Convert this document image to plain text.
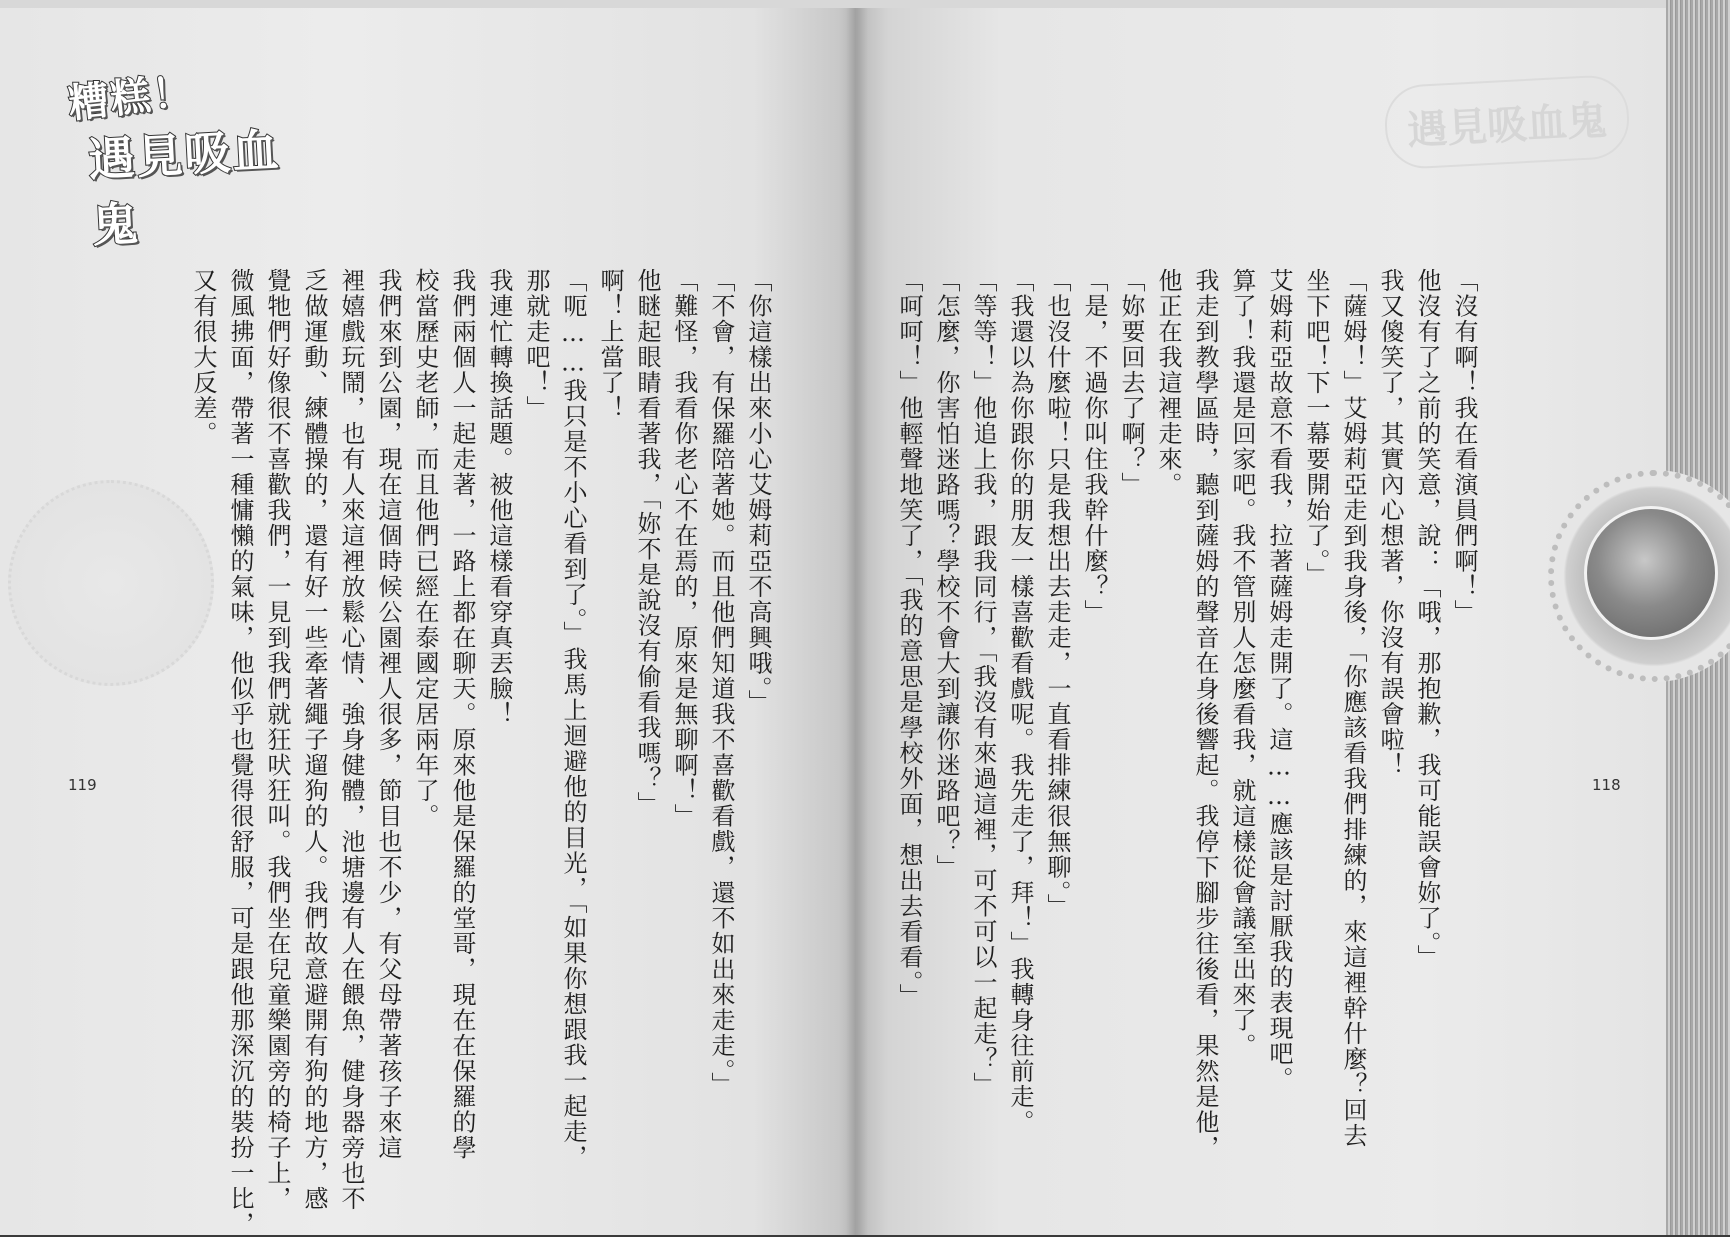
糟糕！
遇見吸血鬼
遇見吸血鬼
「沒有啊！我在看演員們啊！」
他沒有了之前的笑意，說：「哦，那抱歉，我可能誤會妳了。」
我又傻笑了，其實內心想著，你沒有誤會啦！
「薩姆！」艾姆莉亞走到我身後，「你應該看我們排練的，來這裡幹什麼？回去
坐下吧！下一幕要開始了。」
艾姆莉亞故意不看我，拉著薩姆走開了。這……應該是討厭我的表現吧。
算了！我還是回家吧。我不管別人怎麼看我，就這樣從會議室出來了。
我走到教學區時，聽到薩姆的聲音在身後響起。我停下腳步往後看，果然是他，
他正在我這裡走來。
「妳要回去了啊？」
「是，不過你叫住我幹什麼？」
「也沒什麼啦！只是我想出去走走，一直看排練很無聊。」
「我還以為你跟你的朋友一樣喜歡看戲呢。我先走了，拜！」我轉身往前走。
「等等！」他追上我，跟我同行，「我沒有來過這裡，可不可以一起走？」
「怎麼，你害怕迷路嗎？學校不會大到讓你迷路吧？」
「呵呵！」他輕聲地笑了，「我的意思是學校外面，想出去看看。」	118
「你這樣出來小心艾姆莉亞不高興哦。」
「不會，有保羅陪著她。而且他們知道我不喜歡看戲，還不如出來走走。」
「難怪，我看你老心不在焉的，原來是無聊啊！」
他瞇起眼睛看著我，「妳不是說沒有偷看我嗎？」
啊！上當了！
「呃……我只是不小心看到了。」我馬上迴避他的目光，「如果你想跟我一起走，
那就走吧！」
我連忙轉換話題。被他這樣看穿真丟臉！
我們兩個人一起走著，一路上都在聊天。原來他是保羅的堂哥，現在在保羅的學
校當歷史老師，而且他們已經在泰國定居兩年了。
我們來到公園，現在這個時候公園裡人很多，節目也不少，有父母帶著孩子來這
裡嬉戲玩鬧，也有人來這裡放鬆心情、強身健體，池塘邊有人在餵魚，健身器旁也不
乏做運動、練體操的，還有好一些牽著繩子遛狗的人。我們故意避開有狗的地方，感
覺牠們好像很不喜歡我們，一見到我們就狂吠狂叫。我們坐在兒童樂園旁的椅子上，
微風拂面，帶著一種慵懶的氣味，他似乎也覺得很舒服，可是跟他那深沉的裝扮一比，
又有很大反差。
119
